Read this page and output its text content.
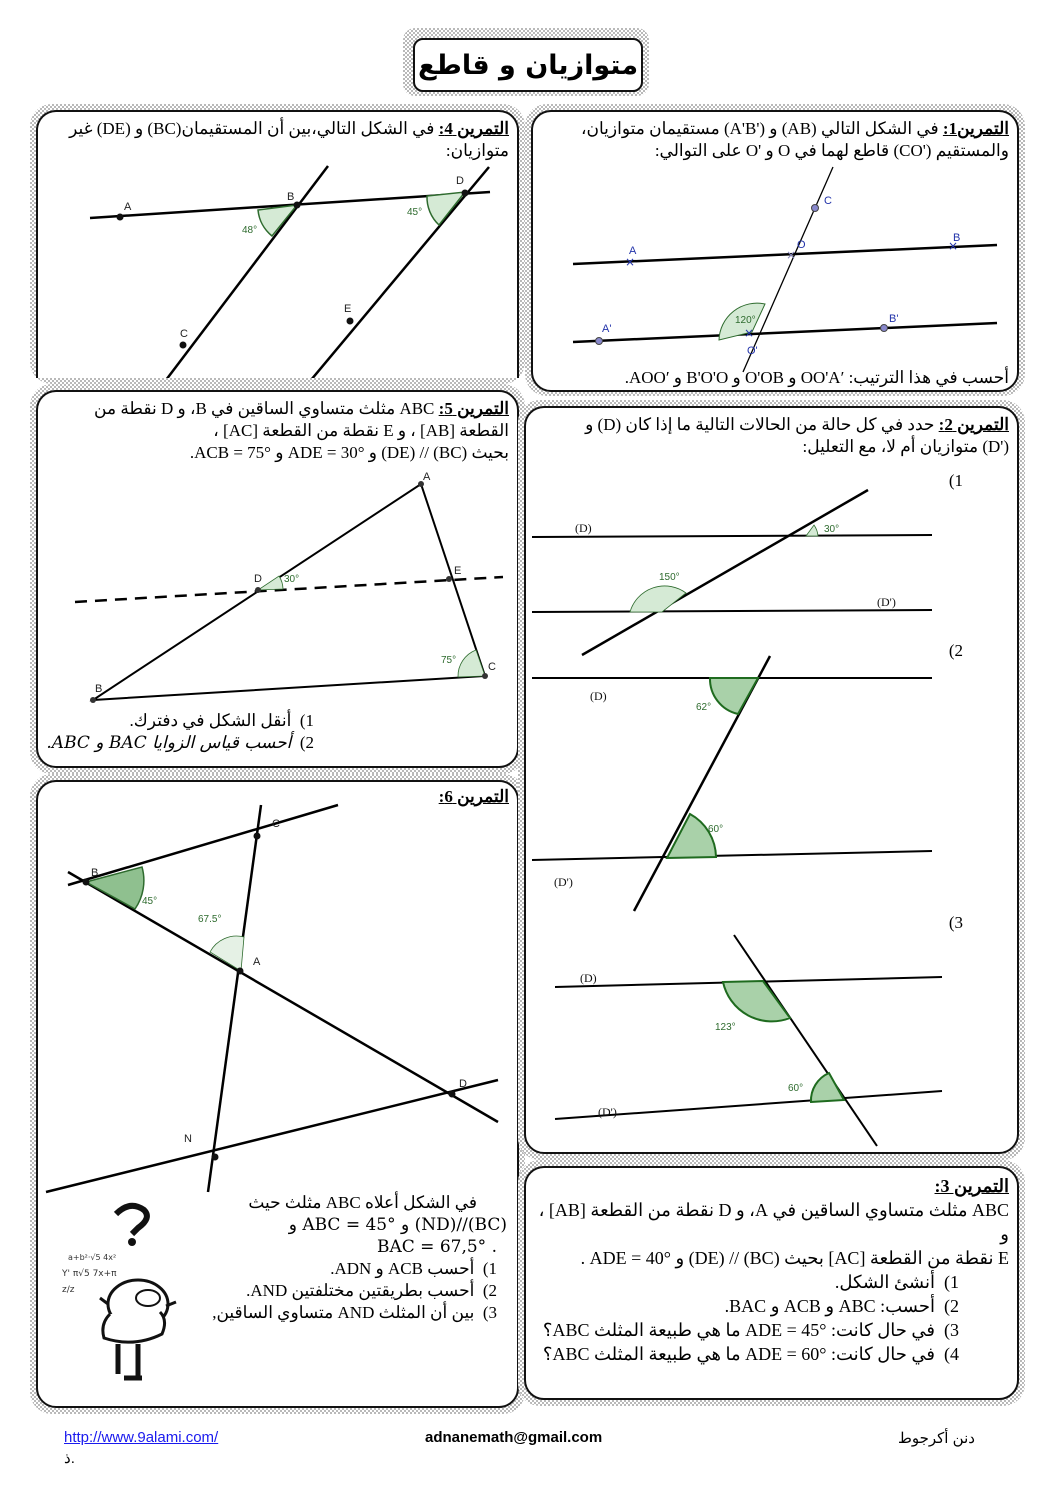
متوازيان و قاطع
التمرين1: في الشكل التالي (AB) و ('A'B) مستقيمان متوازيان،
والمستقيم ('CO) قاطع لهما في O و 'O على التوالي:
120°
A
B
C
O
A'
B'
O'
×
×
×
×
أحسب في هذا الترتيب: ′OO'A و O'OB و B'O'O و ′AOO.
التمرين 4: في الشكل التالي،بين أن المستقيمان(BC) و (DE) غير
متوازيان:
48°
45°
A
B
C
D
E
التمرين 5: ABC مثلث متساوي الساقين في B، و D نقطة من
القطعة [AB] ، و E نقطة من القطعة [AC] ،
بحيث (BC) // (DE) و ADE = 30° و ACB = 75°.
30°
75°
A
B
C
D
E
1)  أنقل الشكل في دفترك.
2)  أحسب قياس الزوايا BAC و ABC.
التمرين 6:
45°
67.5°
A
B
C
D
N
a+b²·√5 4x²
Y' π√5 7x+π
z/z
في الشكل أعلاه ABC مثلث حيث
(BC)//(ND) و ABC = 45° و
. BAC = 67,5°
1)  أحسب ACB و ADN.
2)  أحسب بطريقتين مختلفتين AND.
3)  بين أن المثلث AND متساوي الساقين,
التمرين 2: حدد في كل حالة من الحالات التالية ما إذا كان (D) و
('D) متوازيان أم لا، مع التعليل:
(1
(2
(3
30°
150°
(D)
(D')
62°
60°
(D)
(D')
123°
60°
(D)
(D')
التمرين 3:
ABC مثلث متساوي الساقين في A، و D نقطة من القطعة [AB] ، و
E نقطة من القطعة [AC] بحيث (BC) // (DE) و ADE = 40° .
1)  أنشئ الشكل.
2)  أحسب: ABC و ACB و BAC.
3)  في حال كانت: ADE = 45° ما هي طبيعة المثلث ABC؟
4)  في حال كانت: ADE = 60° ما هي طبيعة المثلث ABC؟
http://www.9alami.com/
ذ.
adnanemath@gmail.com	دنن أكرجوط
